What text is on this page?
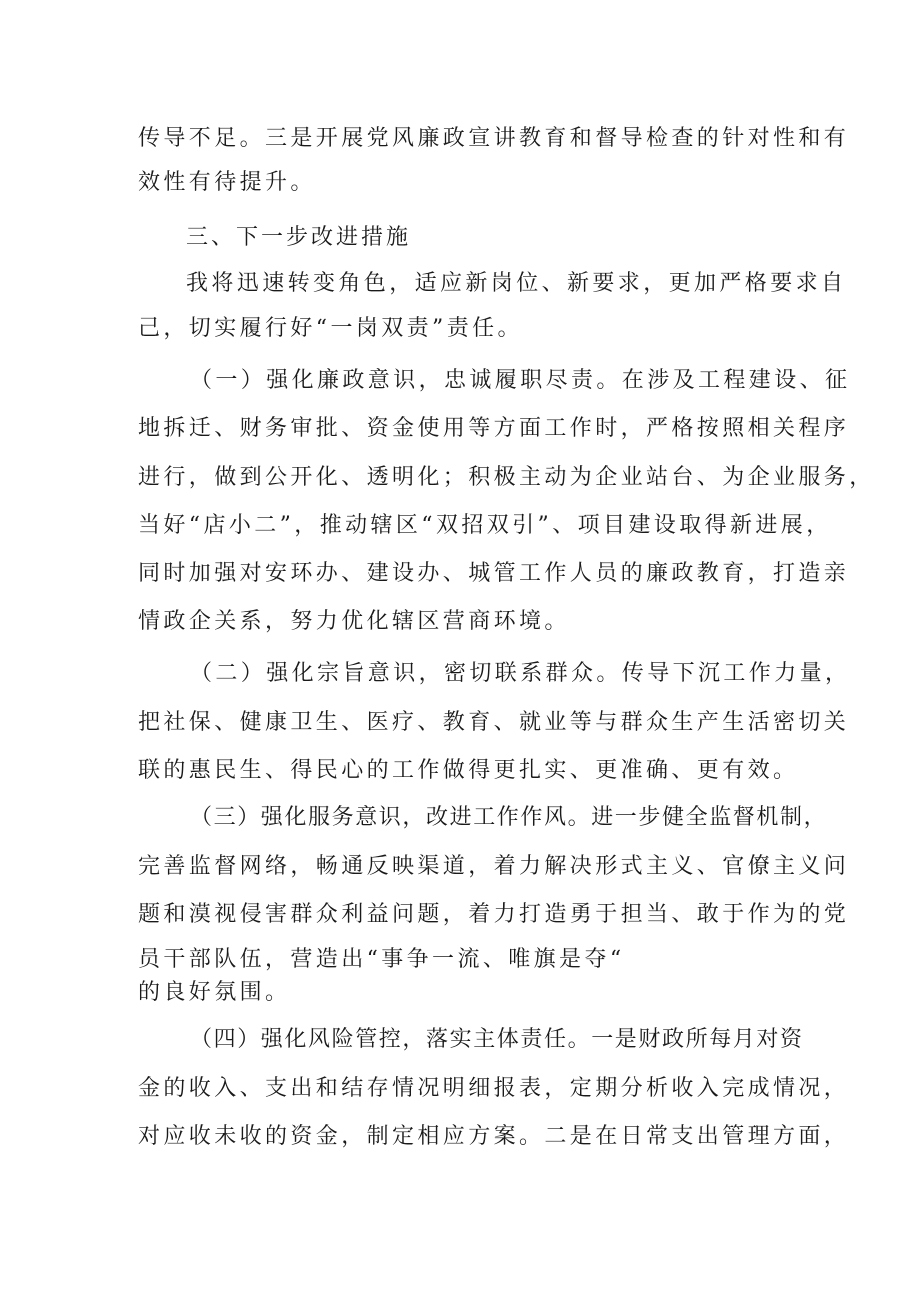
传导不足。三是开展党风廉政宣讲教育和督导检查的针对性和有
效性有待提升。
三、下一步改进措施
我将迅速转变角色，适应新岗位、新要求，更加严格要求自
己，切实履行好“一岗双责”责任。
（一）强化廉政意识，忠诚履职尽责。在涉及工程建设、征
地拆迁、财务审批、资金使用等方面工作时，严格按照相关程序
进行，做到公开化、透明化；积极主动为企业站台、为企业服务，
当好“店小二”，推动辖区“双招双引”、项目建设取得新进展，
同时加强对安环办、建设办、城管工作人员的廉政教育，打造亲
情政企关系，努力优化辖区营商环境。
（二）强化宗旨意识，密切联系群众。传导下沉工作力量，
把社保、健康卫生、医疗、教育、就业等与群众生产生活密切关
联的惠民生、得民心的工作做得更扎实、更准确、更有效。
（三）强化服务意识，改进工作作风。进一步健全监督机制，
完善监督网络，畅通反映渠道，着力解决形式主义、官僚主义问
题和漠视侵害群众利益问题，着力打造勇于担当、敢于作为的党
员干部队伍，营造出“事争一流、唯旗是夺“
的良好氛围。
（四）强化风险管控，落实主体责任。一是财政所每月对资
金的收入、支出和结存情况明细报表，定期分析收入完成情况，
对应收未收的资金，制定相应方案。二是在日常支出管理方面，
